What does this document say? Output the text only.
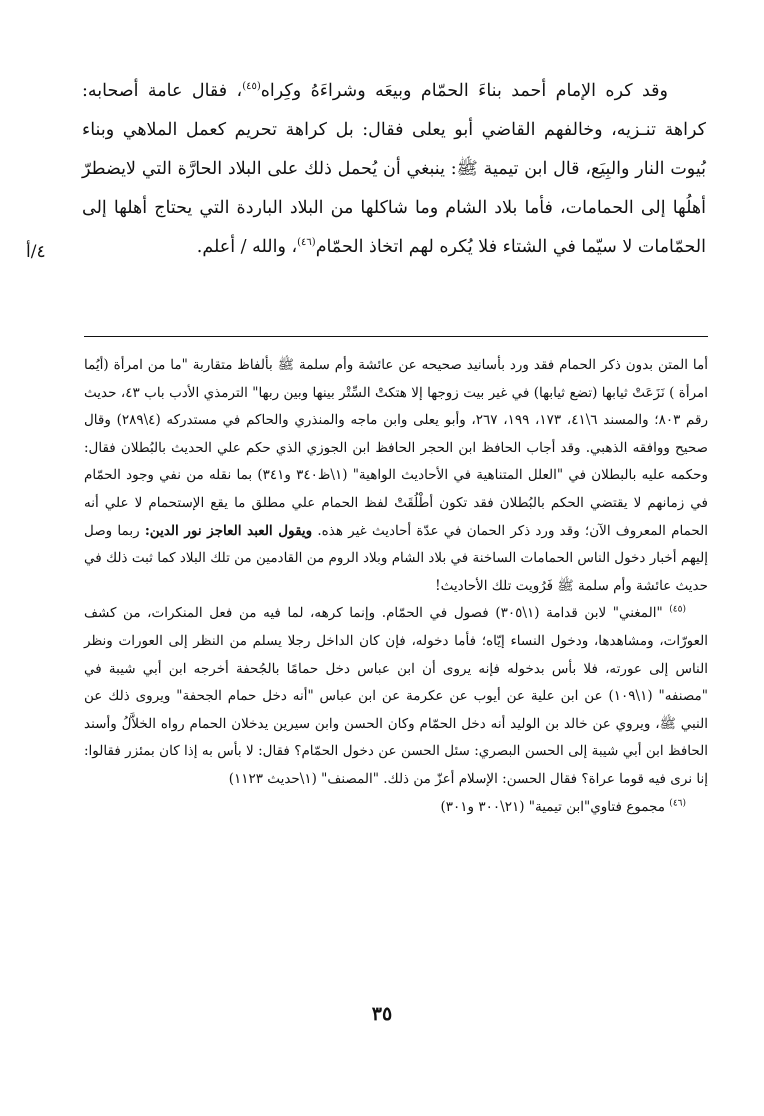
وقد كره الإمام أحمد بناءَ الحمّام وبيعَه وشراءَهُ وكِراه$^{(٤٥)}$، فقال عامة أصحابه: كراهة تنـزيه، وخالفهم القاضي أبو يعلى فقال: بل كراهة تحريم كعمل الملاهي وبناء بُيوت النار والبِيَع، قال ابن تيمية ﷺ: ينبغي أن يُحمل ذلك على البلاد الحارَّة التي لايضطرّ أهلُها إلى الحمامات، فأما بلاد الشام وما شاكلها من البلاد الباردة التي يحتاج أهلها إلى الحمّامات لا سيّما في الشتاء فلا يُكره لهم اتخاذ الحمّام$^{(٤٦)}$، والله / أعلم.

٤/أ

أما المتن بدون ذكر الحمام فقد ورد بأسانيد صحيحه عن عائشة وأم سلمة ﷺ بألفاظ متقاربة "ما من امرأة (أيُما امرأة ) نَزَعَتْ ثيابها (تضع ثيابها) في غير بيت زوجها إلا هتكتْ السِّتْر بينها وبين ربها" الترمذي الأدب باب ٤٣، حديث رقم ٨٠٣؛ والمسند ٦\٤١، ١٧٣، ١٩٩، ٢٦٧، وأبو يعلى وابن ماجه والمنذري والحاكم في مستدركه (٤\٢٨٩) وقال صحيح ووافقه الذهبي. وقد أجاب الحافظ ابن الحجر الحافظ ابن الجوزي الذي حكم علي الحديث بالبُطلان فقال: وحكمه عليه بالبطلان في "العلل المتناهية في الأحاديث الواهية" (١\ظ٣٤٠ و٣٤١) بما نقله من نفي وجود الحمّام في زمانهم لا يقتضي الحكم بالبُطلان فقد تكون أطْلُقَتْ لفظ الحمام علي مطلق ما يقع الإستحمام لا علي أنه الحمام المعروف الآن؛ وقد ورد ذكر الحمان في عدّة أحاديث غير هذه. ويقول العبد العاجز نور الدين: ربما وصل إليهم أخبار دخول الناس الحمامات الساخنة في بلاد الشام وبلاد الروم من القادمين من تلك البلاد كما ثبت ذلك في حديث عائشة وأم سلمة ﷺ فَرُويت تلك الأحاديث!

$^{(٤٥)}$ "المغني" لابن قدامة (١\٣٠٥) فصول في الحمّام. وإنما كرهه، لما فيه من فعل المنكرات، من كشف العورّات، ومشاهدها، ودخول النساء إيّاه؛ فأما دخوله، فإن كان الداخل رجلا يسلم من النظر إلى العورات ونظر الناس إلى عورته، فلا بأس بدخوله فإنه يروى أن ابن عباس دخل حمامًا بالجُحفة أخرجه ابن أبي شيبة في "مصنفه" (١\١٠٩) عن ابن علية عن أيوب عن عكرمة عن ابن عباس "أنه دخل حمام الجحفة" ويروى ذلك عن النبي ﷺ، ويروي عن خالد بن الوليد أنه دخل الحمّام وكان الحسن وابن سيرين يدخلان الحمام رواه الخلاَّلُ وأسند الحافظ ابن أبي شيبة إلى الحسن البصري: سئل الحسن عن دخول الحمّام؟ فقال: لا بأس به إذا كان بمئزر فقالوا: إنا نرى فيه قوما عراة؟ فقال الحسن: الإسلام أعزّ من ذلك. "المصنف" (١\حديث ١١٢٣)

$^{(٤٦)}$ مجموع فتاوي"ابن تيمية" (٢١\٣٠٠ و٣٠١)

٣٥
